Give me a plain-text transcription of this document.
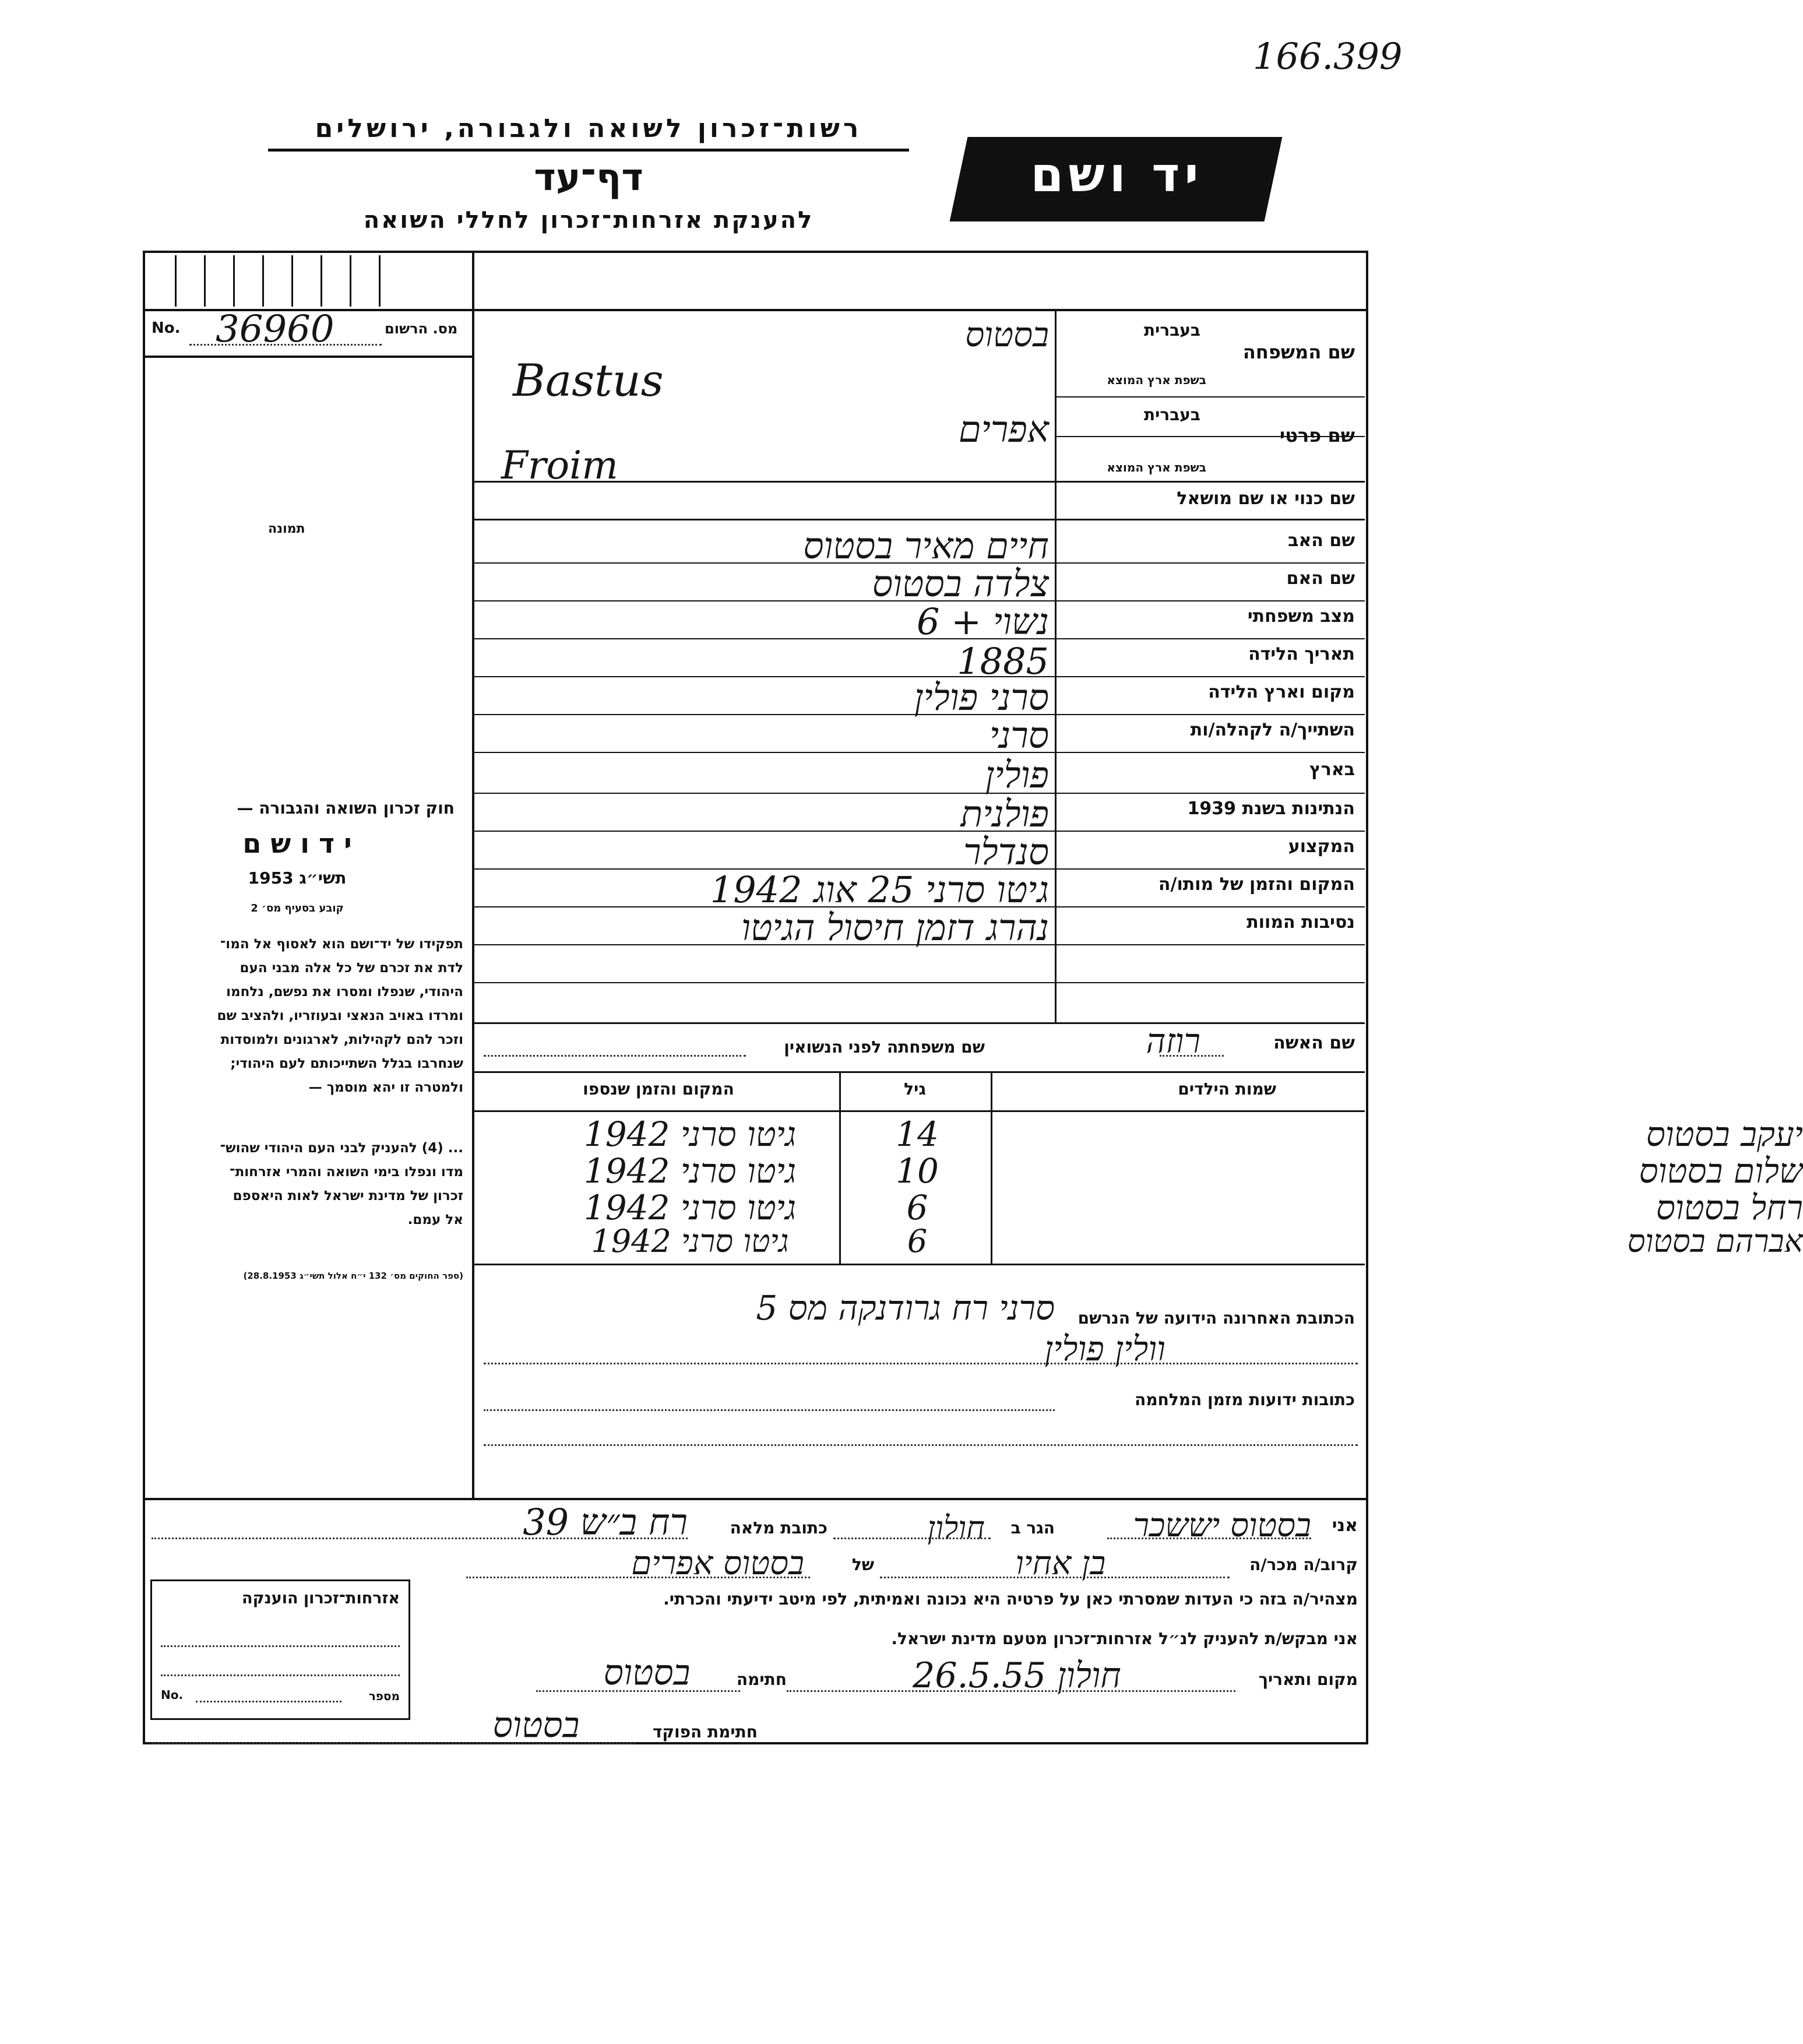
166.399
רשות־זכרון לשואה ולגבורה, ירושלים
דף־עד
להענקת אזרחות־זכרון לחללי השואה
יד ושם
No. 36960	מס. הרשום
תמונה
חוק זכרון השואה והגבורה —
י ד ו ש ם
תשי״ג 1953
קובע בסעיף מס׳ 2
תפקידו של יד־ושם הוא לאסוף אל המו־
לדת את זכרם של כל אלה מבני העם
היהודי, שנפלו ומסרו את נפשם, נלחמו
ומרדו באויב הנאצי ובעוזריו, ולהציב שם
וזכר להם לקהילות, לארגונים ולמוסדות
שנחרבו בגלל השתייכותם לעם היהודי;
ולמטרה זו יהא מוסמך —
... (4) להעניק לבני העם היהודי שהוש־
מדו ונפלו בימי השואה והמרי אזרחות־
זכרון של מדינת ישראל לאות היאספם
אל עמם.
(ספר החוקים מס׳ 132 י״ח אלול תשי״ג 28.8.1953)
בעברית
שם המשפחה
בשפת ארץ המוצא
בסטוס
Bastus
בעברית
שם פרטי
בשפת ארץ המוצא
אפרים
Froim
שם כנוי או שם מושאל
שם האב
חיים מאיר בסטוס
שם האם
צלדה בסטוס
מצב משפחתי
נשוי + 6
תאריך הלידה
1885
מקום וארץ הלידה
סרני פולין
השתייך/ה לקהלה/ות
סרני
בארץ
פולין
הנתינות בשנת 1939
פולנית
המקצוע
סנדלר
המקום והזמן של מותו/ה
גיטו סרני 25 אוג 1942
נסיבות המוות
נהרג דזמן חיסול הגיטו
שם האשה
רוזה
שם משפחתה לפני הנשואין
שמות הילדים
גיל
המקום והזמן שנספו
יעקב בסטוס
14
גיטו סרני 1942
שלום בסטוס
10
גיטו סרני 1942
רחל בסטוס
6
גיטו סרני 1942
אברהם בסטוס
6
גיטו סרני 1942
הכתובת האחרונה הידועה של הנרשם
סרני רח גרודנקה מס 5
וולין פולין
כתובות ידועות מזמן המלחמה
אני
בסטוס יששכר
הגר ב
חולון
כתובת מלאה
רח ב״ש 39
קרוב/ה מכר/ה
בן אחיו
של
בסטוס אפרים
מצהיר/ה בזה כי העדות שמסרתי כאן על פרטיה היא נכונה ואמיתית, לפי מיטב ידיעתי והכרתי.
אני מבקש/ת להעניק לנ״ל אזרחות־זכרון מטעם מדינת ישראל.
מקום ותאריך
חולון 26.5.55
חתימה
בסטוס
חתימת הפוקד
בסטוס
אזרחות־זכרון הוענקה
No.	מספר
